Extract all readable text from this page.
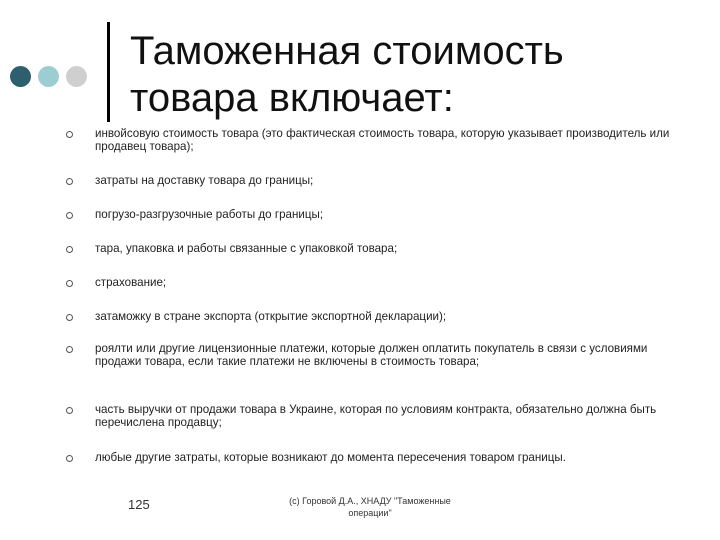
Таможенная стоимость товара включает:
инвойсовую стоимость товара (это фактическая стоимость товара, которую указывает производитель или продавец товара);
затраты на доставку товара до границы;
погрузо-разгрузочные работы до границы;
тара, упаковка и работы связанные с упаковкой товара;
страхование;
затаможку в стране экспорта (открытие экспортной декларации);
роялти или другие лицензионные платежи, которые должен оплатить покупатель в связи с условиями продажи товара, если такие платежи не включены в стоимость товара;
часть выручки от продажи товара в Украине, которая по условиям контракта, обязательно должна быть перечислена продавцу;
любые другие затраты, которые возникают до момента пересечения товаром границы.
125	(c) Горовой Д.А., ХНАДУ "Таможенные операции"
